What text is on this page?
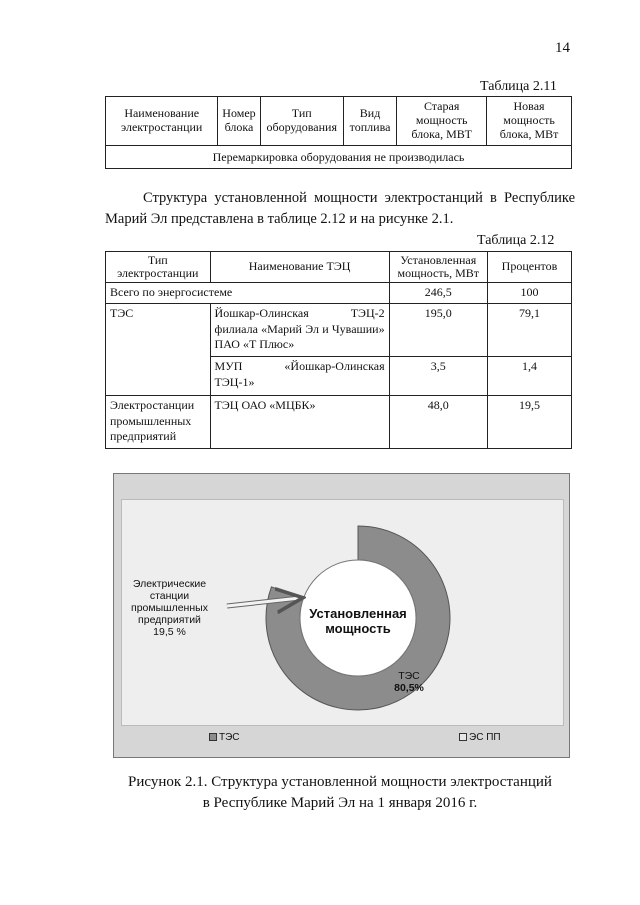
14
Таблица 2.11
Наименование электростанции	Номер блока	Тип оборудования	Вид топлива	Старая мощность блока, МВТ	Новая мощность блока, МВт
Перемаркировка оборудования не производилась
Структура установленной мощности электростанций в Республике Марий Эл представлена в таблице 2.12 и на рисунке 2.1.
Таблица 2.12
Тип электростанции	Наименование ТЭЦ	Установленная мощность, МВт	Процентов
Всего по энергосистеме		246,5	100
ТЭС	Йошкар-Олинская ТЭЦ-2 филиала «Марий Эл и Чувашии» ПАО «Т Плюс»	195,0	79,1
	МУП «Йошкар-Олинская ТЭЦ-1»	3,5	1,4
Электростанции промышленных предприятий	ТЭЦ ОАО «МЦБК»	48,0	19,5
Установленная
мощность
ТЭС
80,5%
Электрические
станции
промышленных
предприятий
19,5 %
ТЭС	ЭС ПП
Рисунок 2.1. Структура установленной мощности электростанций
в Республике Марий Эл на 1 января 2016 г.
